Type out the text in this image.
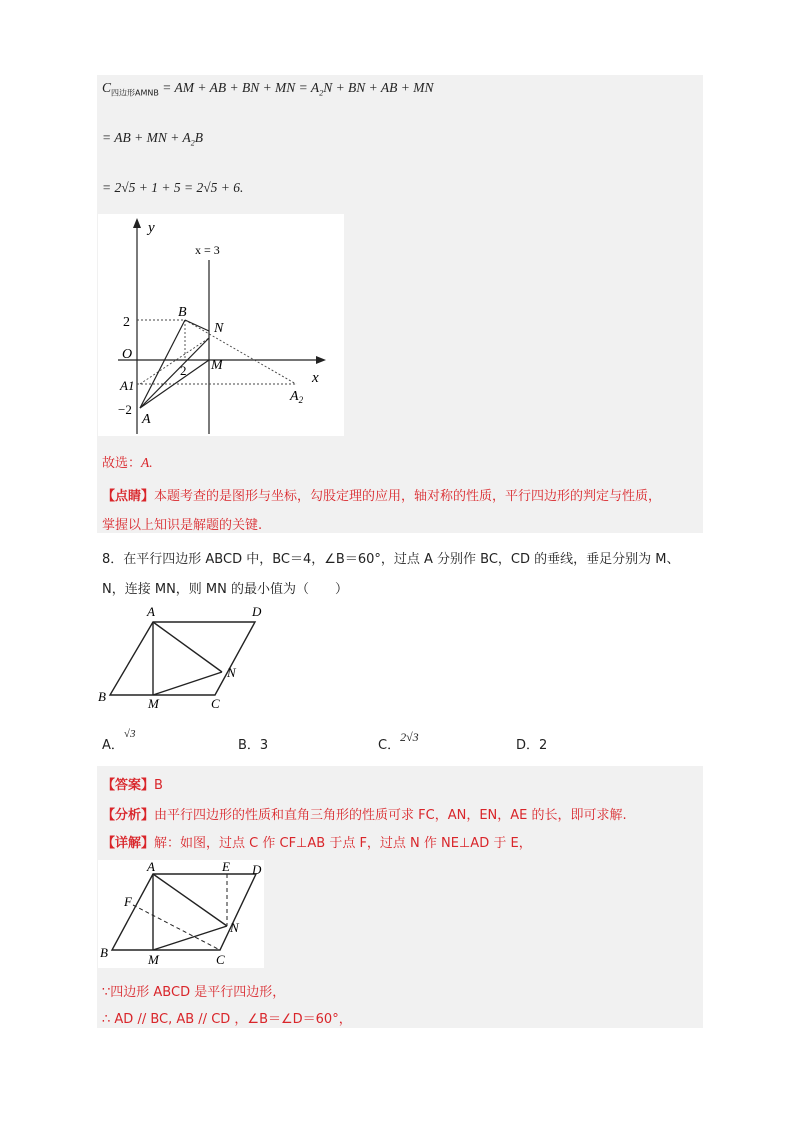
$C_{四边形AMNB}$ = AM + AB + BN + MN = $A_2N$ + BN + AB + MN
= AB + MN + $A_2B$
= 2√5 + 1 + 5 = 2√5 + 6.
y
x
x = 3
B
N
O
M
A1
$A_2$
−2
A
2
2
故选：A.
【点睛】本题考查的是图形与坐标，勾股定理的应用，轴对称的性质，平行四边形的判定与性质，
掌握以上知识是解题的关键.
8．在平行四边形 ABCD 中，BC＝4，∠B＝60°，过点 A 分别作 BC，CD 的垂线，垂足分别为 M、
N，连接 MN，则 MN 的最小值为（　　）
A	D
N
B	M	C
A．$^{√3}$
B．3	C．2√3
D．2
【答案】B
【分析】由平行四边形的性质和直角三角形的性质可求 FC，AN，EN，AE 的长，即可求解.
【详解】解：如图，过点 C 作 CF⊥AB 于点 F，过点 N 作 NE⊥AD 于 E，
A	E D
F
N
B	M	C
∵四边形 ABCD 是平行四边形，
∴ AD // BC, AB // CD ，∠B＝∠D＝60°，
